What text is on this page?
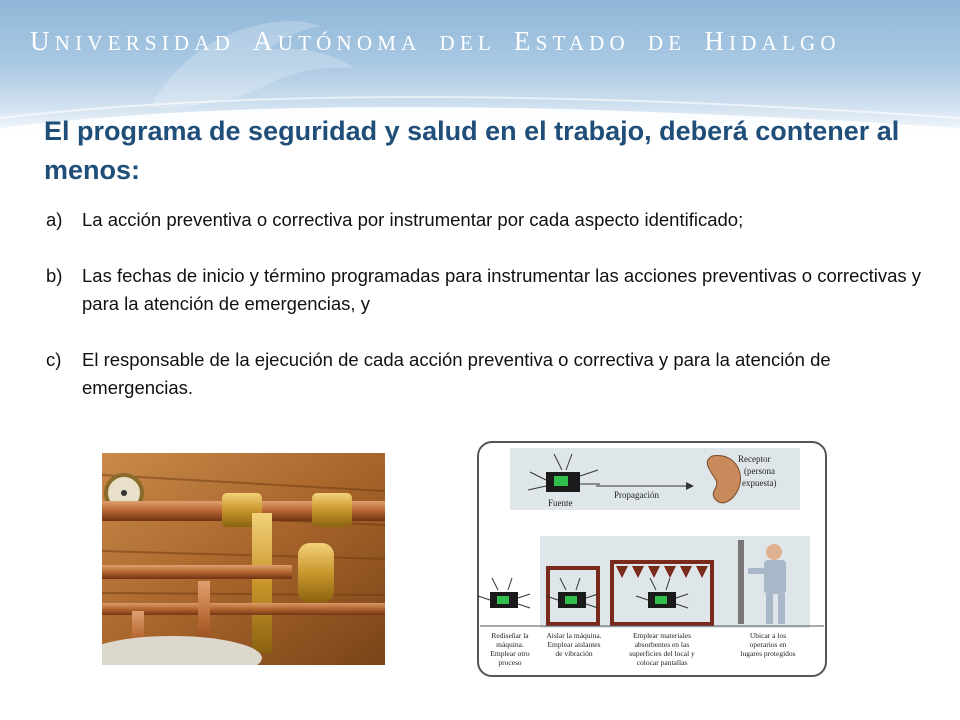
UNIVERSIDAD AUTÓNOMA DEL ESTADO DE HIDALGO
El programa de seguridad y salud en el trabajo, deberá contener al menos:
a) La acción preventiva o correctiva por instrumentar por cada aspecto identificado;
b) Las fechas de inicio y término programadas para instrumentar las acciones preventivas o correctivas y para la atención de emergencias, y
c) El responsable de la ejecución de cada acción preventiva o correctiva y para la atención de emergencias.
Fuente
Propagación
Receptor
(persona
expuesta)
Rediseñar la
máquina.
Emplear otro
proceso
Aislar la máquina.
Emplear aislantes
de vibración
Emplear materiales
absorbentes en las
superficies del local y
colocar pantallas
Ubicar a los
operarios en
lugares protegidos
